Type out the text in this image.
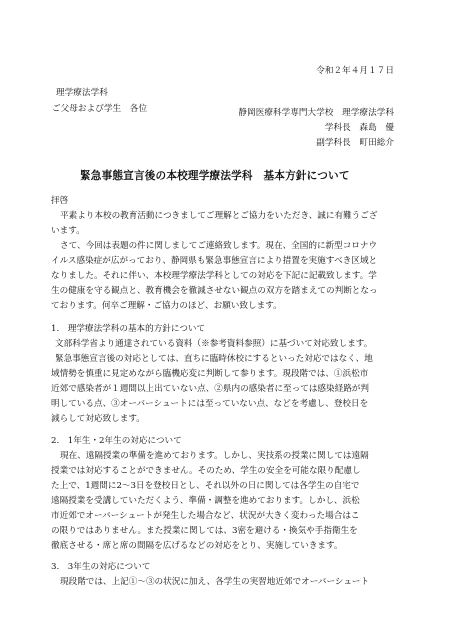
令和２年４月１７日
理学療法学科
ご父母および学生　各位	静岡医療科学専門大学校　理学療法学科
学科長　森島　優
副学科長　町田総介
緊急事態宣言後の本校理学療法学科　基本方針について

拝啓

平素より本校の教育活動につきましてご理解とご協力をいただき、誠に有難うござ

います。

さて、今回は表題の件に関しましてご連絡致します。現在、全国的に新型コロナウ

イルス感染症が広がっており、静岡県も緊急事態宣言により措置を実施すべき区域と

なりました。それに伴い、本校理学療法学科としての対応を下記に記載致します。学

生の健康を守る観点と、教育機会を徹減させない観点の双方を踏まえての判断となっ

ております。何卒ご理解・ご協力のほど、お願い致します。

1.　理学療法学科の基本的方針について

文部科学省より通達されている資料（※参考資料参照）に基づいて対応致します。

緊急事態宣言後の対応としては、直ちに臨時休校にするといった対応ではなく、地

域情勢を慎重に見定めながら臨機応変に判断して参ります。現段階では、①浜松市

近郊で感染者が１週間以上出ていない点、②県内の感染者に至っては感染経路が判

明している点、③オーバーシュートには至っていない点、などを考慮し、登校日を

減らして対応致します。

2.　1年生・2年生の対応について

現在、遠隔授業の準備を進めております。しかし、実技系の授業に関しては遠隔

授業では対応することができません。そのため、学生の安全を可能な限り配慮し

た上で、1週間に2〜3日を登校日とし、それ以外の日に関しては各学生の自宅で

遠隔授業を受講していただくよう、準備・調整を進めております。しかし、浜松

市近郊でオーバーシュートが発生した場合など、状況が大きく変わった場合はこ

の限りではありません。また授業に関しては、3密を避ける・換気や手指衛生を

徹底させる・席と席の間隔を広げるなどの対応をとり、実施していきます。

3.　3年生の対応について

現段階では、上記①〜③の状況に加え、各学生の実習地近郊でオーバーシュート
